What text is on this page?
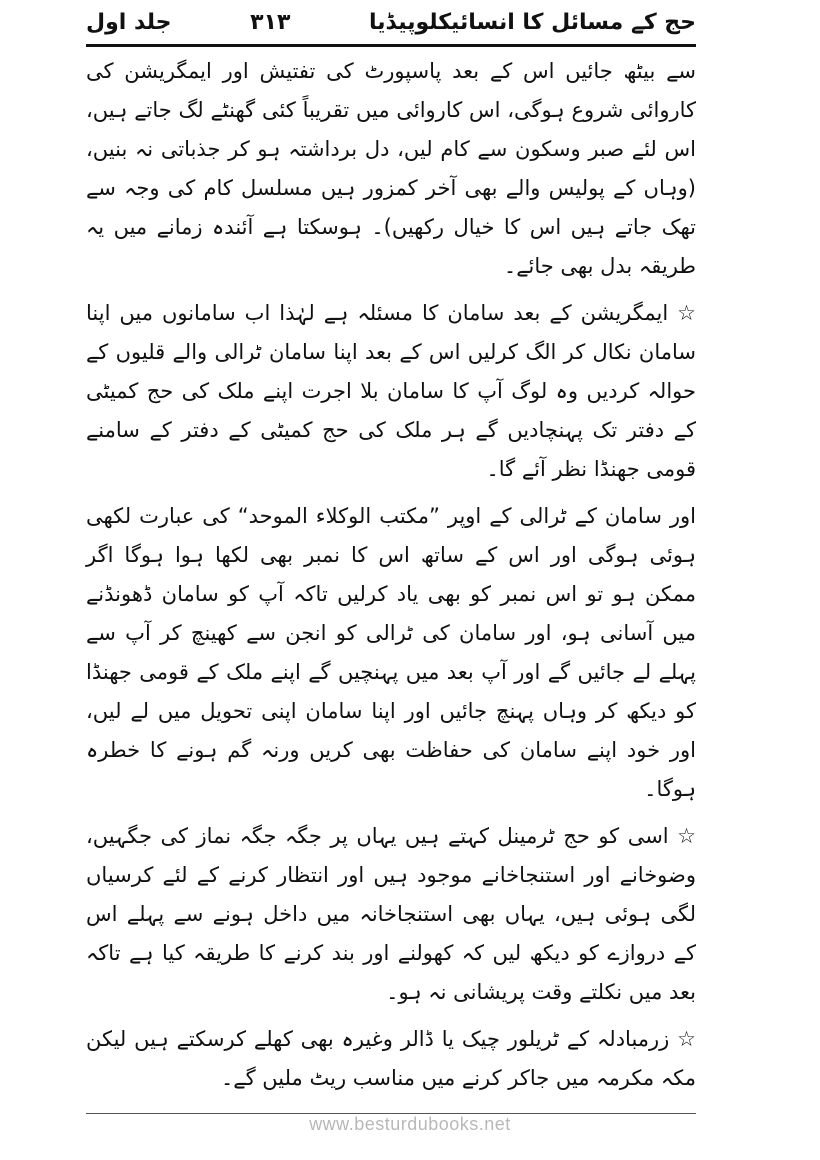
حج کے مسائل کا انسائیکلوپیڈیا
۳۱۳
جلد اول

سے بیٹھ جائیں اس کے بعد پاسپورٹ کی تفتیش اور ایمگریشن کی کاروائی شروع ہوگی، اس کاروائی میں تقریباً کئی گھنٹے لگ جاتے ہیں، اس لئے صبر وسکون سے کام لیں، دل برداشتہ ہو کر جذباتی نہ بنیں، (وہاں کے پولیس والے بھی آخر کمزور ہیں مسلسل کام کی وجہ سے تھک جاتے ہیں اس کا خیال رکھیں)۔ ہوسکتا ہے آئندہ زمانے میں یہ طریقہ بدل بھی جائے۔

☆ ایمگریشن کے بعد سامان کا مسئلہ ہے لہٰذا اب سامانوں میں اپنا سامان نکال کر الگ کرلیں اس کے بعد اپنا سامان ٹرالی والے قلیوں کے حوالہ کردیں وہ لوگ آپ کا سامان بلا اجرت اپنے ملک کی حج کمیٹی کے دفتر تک پہنچادیں گے ہر ملک کی حج کمیٹی کے دفتر کے سامنے قومی جھنڈا نظر آئے گا۔

اور سامان کے ٹرالی کے اوپر ”مکتب الوکلاء الموحد“ کی عبارت لکھی ہوئی ہوگی اور اس کے ساتھ اس کا نمبر بھی لکھا ہوا ہوگا اگر ممکن ہو تو اس نمبر کو بھی یاد کرلیں تاکہ آپ کو سامان ڈھونڈنے میں آسانی ہو، اور سامان کی ٹرالی کو انجن سے کھینچ کر آپ سے پہلے لے جائیں گے اور آپ بعد میں پہنچیں گے اپنے ملک کے قومی جھنڈا کو دیکھ کر وہاں پہنچ جائیں اور اپنا سامان اپنی تحویل میں لے لیں، اور خود اپنے سامان کی حفاظت بھی کریں ورنہ گم ہونے کا خطرہ ہوگا۔

☆ اسی کو حج ٹرمینل کہتے ہیں یہاں پر جگہ جگہ نماز کی جگہیں، وضوخانے اور استنجاخانے موجود ہیں اور انتظار کرنے کے لئے کرسیاں لگی ہوئی ہیں، یہاں بھی استنجاخانہ میں داخل ہونے سے پہلے اس کے دروازے کو دیکھ لیں کہ کھولنے اور بند کرنے کا طریقہ کیا ہے تاکہ بعد میں نکلتے وقت پریشانی نہ ہو۔

☆ زرمبادلہ کے ٹریلور چیک یا ڈالر وغیرہ بھی کھلے کرسکتے ہیں لیکن مکہ مکرمہ میں جاکر کرنے میں مناسب ریٹ ملیں گے۔

www.besturdubooks.net
